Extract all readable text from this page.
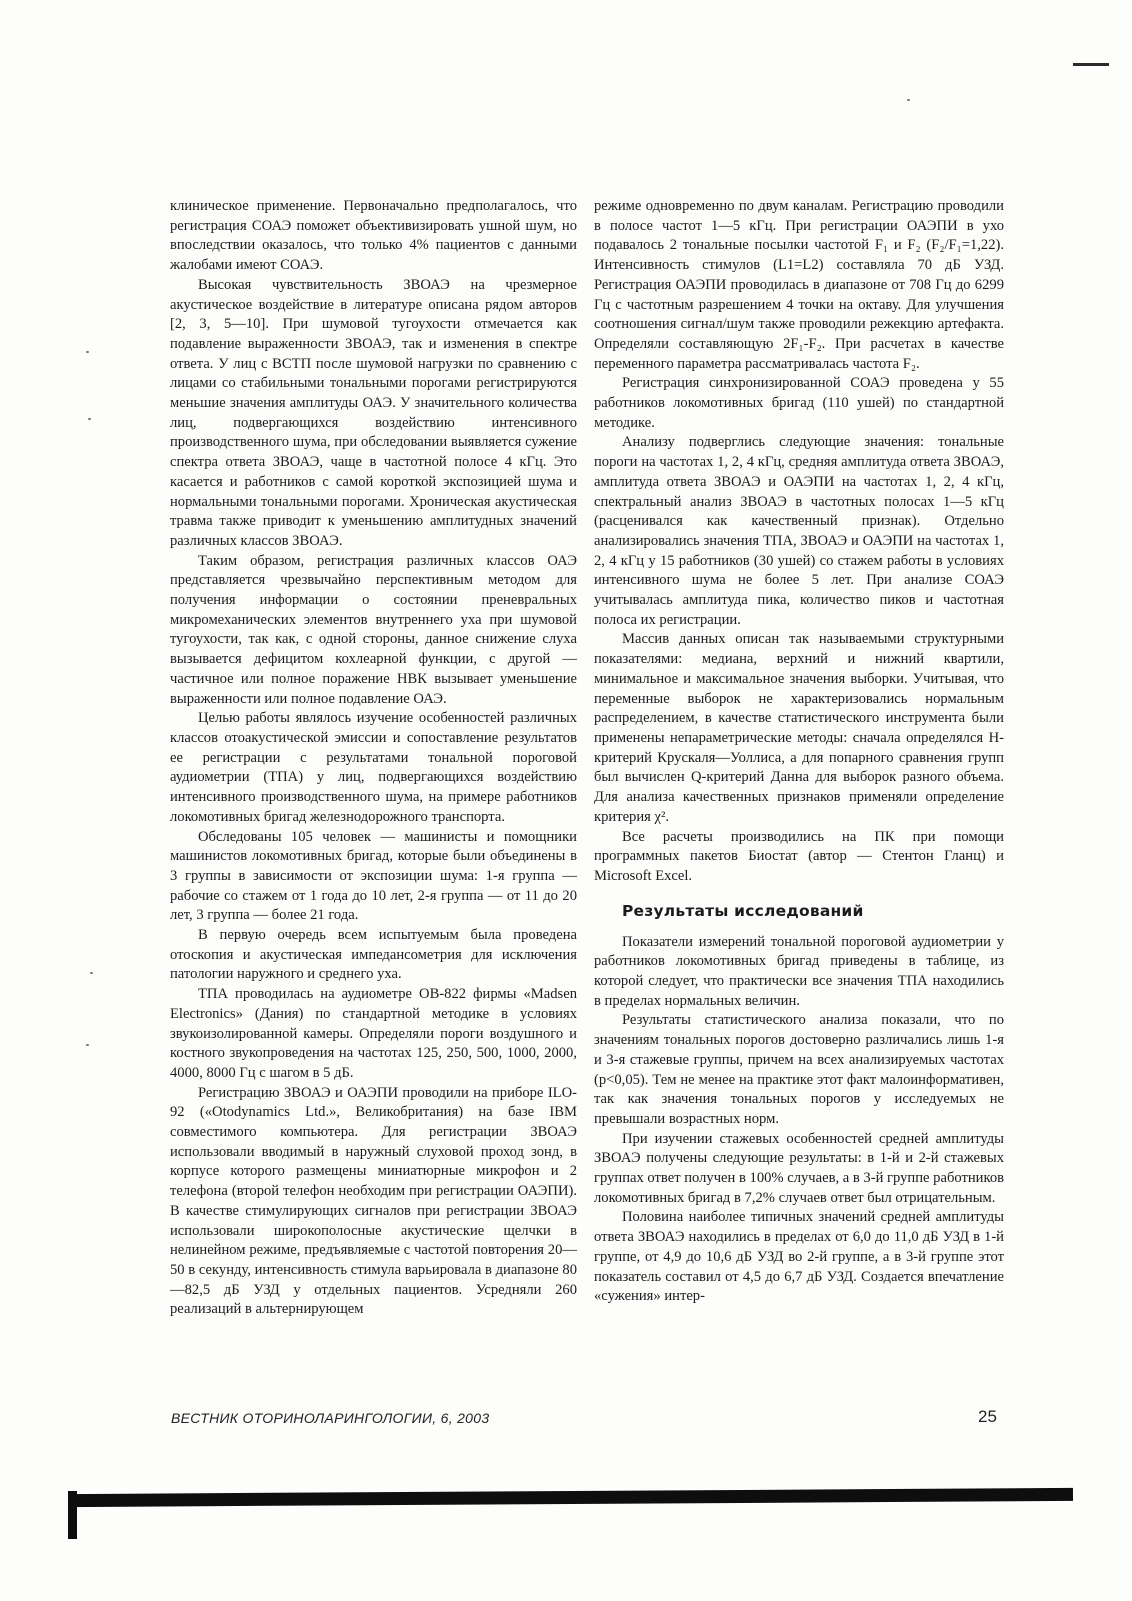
клиническое применение. Первоначально предполагалось, что регистрация СОАЭ поможет объективизировать ушной шум, но впоследствии оказалось, что только 4% пациентов с данными жалобами имеют СОАЭ.

Высокая чувствительность ЗВОАЭ на чрезмерное акустическое воздействие в литературе описана рядом авторов [2, 3, 5—10]. При шумовой тугоухости отмечается как подавление выраженности ЗВОАЭ, так и изменения в спектре ответа. У лиц с ВСТП после шумовой нагрузки по сравнению с лицами со стабильными тональными порогами регистрируются меньшие значения амплитуды ОАЭ. У значительного количества лиц, подвергающихся воздействию интенсивного производственного шума, при обследовании выявляется сужение спектра ответа ЗВОАЭ, чаще в частотной полосе 4 кГц. Это касается и работников с самой короткой экспозицией шума и нормальными тональными порогами. Хроническая акустическая травма также приводит к уменьшению амплитудных значений различных классов ЗВОАЭ.

Таким образом, регистрация различных классов ОАЭ представляется чрезвычайно перспективным методом для получения информации о состоянии преневральных микромеханических элементов внутреннего уха при шумовой тугоухости, так как, с одной стороны, данное снижение слуха вызывается дефицитом кохлеарной функции, с другой — частичное или полное поражение НВК вызывает уменьшение выраженности или полное подавление ОАЭ.

Целью работы являлось изучение особенностей различных классов отоакустической эмиссии и сопоставление результатов ее регистрации с результатами тональной пороговой аудиометрии (ТПА) у лиц, подвергающихся воздействию интенсивного производственного шума, на примере работников локомотивных бригад железнодорожного транспорта.

Обследованы 105 человек — машинисты и помощники машинистов локомотивных бригад, которые были объединены в 3 группы в зависимости от экспозиции шума: 1-я группа — рабочие со стажем от 1 года до 10 лет, 2-я группа — от 11 до 20 лет, 3 группа — более 21 года.

В первую очередь всем испытуемым была проведена отоскопия и акустическая импедансометрия для исключения патологии наружного и среднего уха.

ТПА проводилась на аудиометре OB-822 фирмы «Madsen Electronics» (Дания) по стандартной методике в условиях звукоизолированной камеры. Определяли пороги воздушного и костного звукопроведения на частотах 125, 250, 500, 1000, 2000, 4000, 8000 Гц с шагом в 5 дБ.

Регистрацию ЗВОАЭ и ОАЭПИ проводили на приборе ILO-92 («Otodynamics Ltd.», Великобритания) на базе IBM совместимого компьютера. Для регистрации ЗВОАЭ использовали вводимый в наружный слуховой проход зонд, в корпусе которого размещены миниатюрные микрофон и 2 телефона (второй телефон необходим при регистрации ОАЭПИ). В качестве стимулирующих сигналов при регистрации ЗВОАЭ использовали широкополосные акустические щелчки в нелинейном режиме, предъявляемые с частотой повторения 20—50 в секунду, интенсивность стимула варьировала в диапазоне 80—82,5 дБ УЗД у отдельных пациентов. Усредняли 260 реализаций в альтернирующем

режиме одновременно по двум каналам. Регистрацию проводили в полосе частот 1—5 кГц. При регистрации ОАЭПИ в ухо подавалось 2 тональные посылки частотой F₁ и F₂ (F₂/F₁=1,22). Интенсивность стимулов (L1=L2) составляла 70 дБ УЗД. Регистрация ОАЭПИ проводилась в диапазоне от 708 Гц до 6299 Гц с частотным разрешением 4 точки на октаву. Для улучшения соотношения сигнал/шум также проводили режекцию артефакта. Определяли составляющую 2F₁-F₂. При расчетах в качестве переменного параметра рассматривалась частота F₂.

Регистрация синхронизированной СОАЭ проведена у 55 работников локомотивных бригад (110 ушей) по стандартной методике.

Анализу подверглись следующие значения: тональные пороги на частотах 1, 2, 4 кГц, средняя амплитуда ответа ЗВОАЭ, амплитуда ответа ЗВОАЭ и ОАЭПИ на частотах 1, 2, 4 кГц, спектральный анализ ЗВОАЭ в частотных полосах 1—5 кГц (расценивался как качественный признак). Отдельно анализировались значения ТПА, ЗВОАЭ и ОАЭПИ на частотах 1, 2, 4 кГц у 15 работников (30 ушей) со стажем работы в условиях интенсивного шума не более 5 лет. При анализе СОАЭ учитывалась амплитуда пика, количество пиков и частотная полоса их регистрации.

Массив данных описан так называемыми структурными показателями: медиана, верхний и нижний квартили, минимальное и максимальное значения выборки. Учитывая, что переменные выборок не характеризовались нормальным распределением, в качестве статистического инструмента были применены непараметрические методы: сначала определялся H-критерий Крускаля—Уоллиса, а для попарного сравнения групп был вычислен Q-критерий Данна для выборок разного объема. Для анализа качественных признаков применяли определение критерия χ².

Все расчеты производились на ПК при помощи программных пакетов Биостат (автор — Стентон Гланц) и Microsoft Excel.

Результаты исследований

Показатели измерений тональной пороговой аудиометрии у работников локомотивных бригад приведены в таблице, из которой следует, что практически все значения ТПА находились в пределах нормальных величин.

Результаты статистического анализа показали, что по значениям тональных порогов достоверно различались лишь 1-я и 3-я стажевые группы, причем на всех анализируемых частотах (p<0,05). Тем не менее на практике этот факт малоинформативен, так как значения тональных порогов у исследуемых не превышали возрастных норм.

При изучении стажевых особенностей средней амплитуды ЗВОАЭ получены следующие результаты: в 1-й и 2-й стажевых группах ответ получен в 100% случаев, а в 3-й группе работников локомотивных бригад в 7,2% случаев ответ был отрицательным.

Половина наиболее типичных значений средней амплитуды ответа ЗВОАЭ находились в пределах от 6,0 до 11,0 дБ УЗД в 1-й группе, от 4,9 до 10,6 дБ УЗД во 2-й группе, а в 3-й группе этот показатель составил от 4,5 до 6,7 дБ УЗД. Создается впечатление «сужения» интер-

ВЕСТНИК ОТОРИНОЛАРИНГОЛОГИИ, 6, 2003	25
